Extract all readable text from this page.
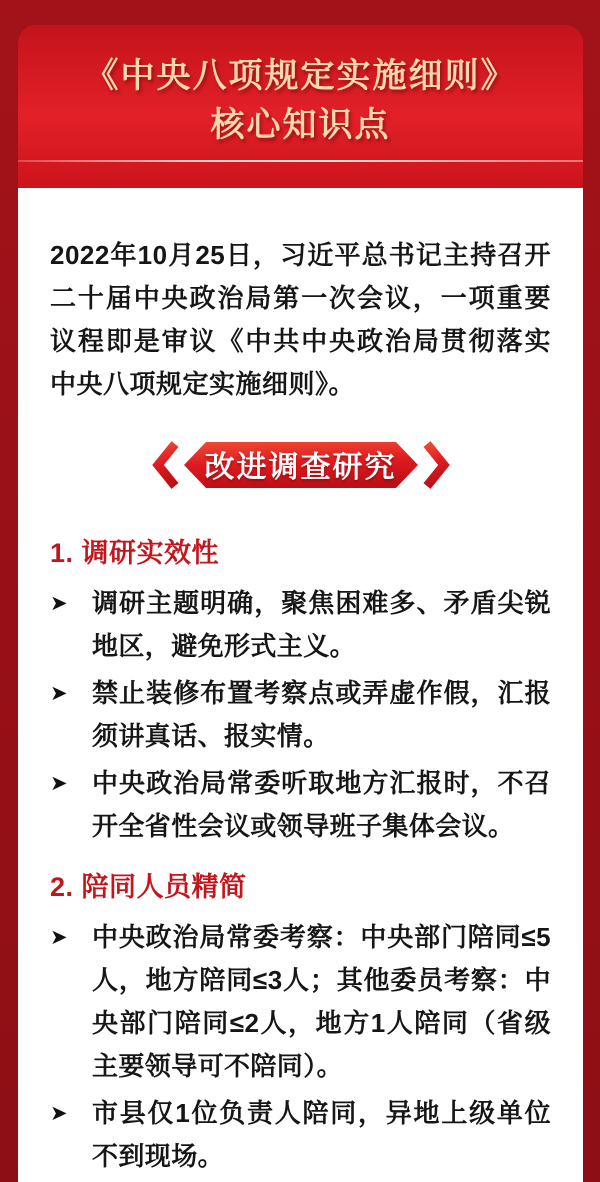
《中央八项规定实施细则》
核心知识点

2022年10月25日，习近平总书记主持召开二十届中央政治局第一次会议，一项重要议程即是审议《中共中央政治局贯彻落实中央八项规定实施细则》。

改进调查研究
1. 调研实效性
➤ 调研主题明确，聚焦困难多、矛盾尖锐地区，避免形式主义。
➤ 禁止装修布置考察点或弄虚作假，汇报须讲真话、报实情。
➤ 中央政治局常委听取地方汇报时，不召开全省性会议或领导班子集体会议。
2. 陪同人员精简
➤ 中央政治局常委考察：中央部门陪同≤5人，地方陪同≤3人；其他委员考察：中央部门陪同≤2人，地方1人陪同（省级主要领导可不陪同）。
➤ 市县仅1位负责人陪同，异地上级单位不到现场。
